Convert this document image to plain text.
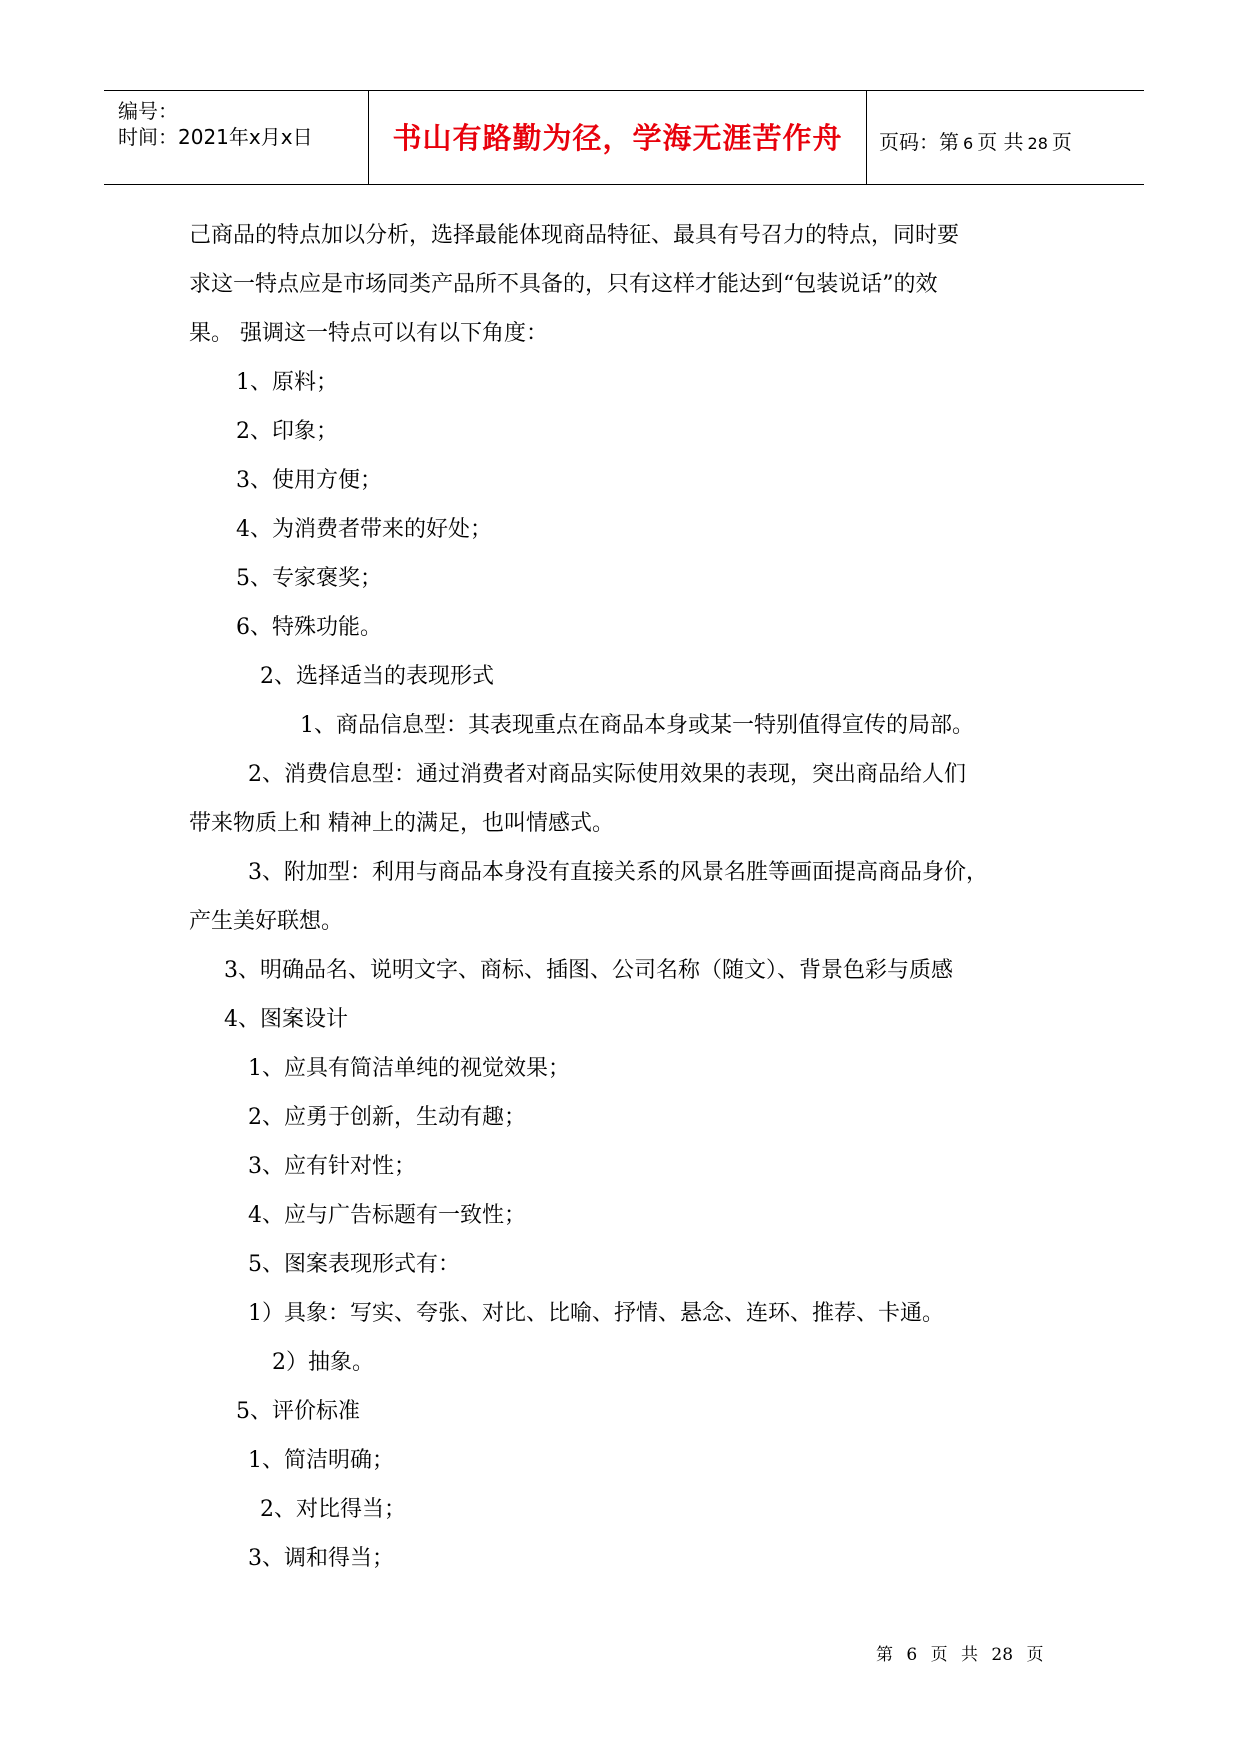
编号：
时间：2021年x月x日	书山有路勤为径，学海无涯苦作舟	页码：第 6 页 共 28 页
己商品的特点加以分析，选择最能体现商品特征、最具有号召力的特点，同时要
求这一特点应是市场同类产品所不具备的，只有这样才能达到“包装说话”的效
果。 强调这一特点可以有以下角度：
1、原料；
2、印象；
3、使用方便；
4、为消费者带来的好处；
5、专家褒奖；
6、特殊功能。
2、选择适当的表现形式
1、商品信息型：其表现重点在商品本身或某一特别值得宣传的局部。
2、消费信息型：通过消费者对商品实际使用效果的表现，突出商品给人们
带来物质上和 精神上的满足，也叫情感式。
3、附加型：利用与商品本身没有直接关系的风景名胜等画面提高商品身价，
产生美好联想。
3、明确品名、说明文字、商标、插图、公司名称（随文）、背景色彩与质感
4、图案设计
1、应具有简洁单纯的视觉效果；
2、应勇于创新，生动有趣；
3、应有针对性；
4、应与广告标题有一致性；
5、图案表现形式有：
1）具象：写实、夸张、对比、比喻、抒情、悬念、连环、推荐、卡通。
2）抽象。
5、评价标准
1、简洁明确；
2、对比得当；
3、调和得当；
第 6 页 共 28 页
